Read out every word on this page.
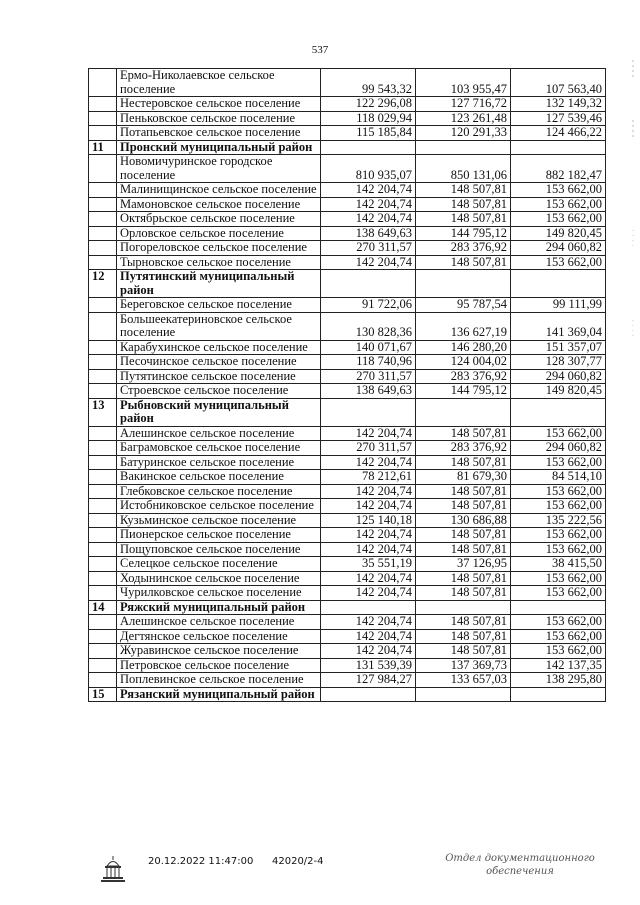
537
	Ермо-Николаевское сельское поселение	99 543,32	103 955,47	107 563,40
	Нестеровское сельское поселение	122 296,08	127 716,72	132 149,32
	Пеньковское сельское поселение	118 029,94	123 261,48	127 539,46
	Потапьевское сельское поселение	115 185,84	120 291,33	124 466,22
11	Пронский муниципальный район			
	Новомичуринское городское поселение	810 935,07	850 131,06	882 182,47
	Малинищинское сельское поселение	142 204,74	148 507,81	153 662,00
	Мамоновское сельское поселение	142 204,74	148 507,81	153 662,00
	Октябрьское сельское поселение	142 204,74	148 507,81	153 662,00
	Орловское сельское поселение	138 649,63	144 795,12	149 820,45
	Погореловское сельское поселение	270 311,57	283 376,92	294 060,82
	Тырновское сельское поселение	142 204,74	148 507,81	153 662,00
12	Путятинский муниципальный район			
	Береговское сельское поселение	91 722,06	95 787,54	99 111,99
	Большеекатериновское сельское поселение	130 828,36	136 627,19	141 369,04
	Карабухинское сельское поселение	140 071,67	146 280,20	151 357,07
	Песочинское сельское поселение	118 740,96	124 004,02	128 307,77
	Путятинское сельское поселение	270 311,57	283 376,92	294 060,82
	Строевское сельское поселение	138 649,63	144 795,12	149 820,45
13	Рыбновский муниципальный район			
	Алешинское сельское поселение	142 204,74	148 507,81	153 662,00
	Баграмовское сельское поселение	270 311,57	283 376,92	294 060,82
	Батуринское сельское поселение	142 204,74	148 507,81	153 662,00
	Вакинское сельское поселение	78 212,61	81 679,30	84 514,10
	Глебковское сельское поселение	142 204,74	148 507,81	153 662,00
	Истобниковское сельское поселение	142 204,74	148 507,81	153 662,00
	Кузьминское сельское поселение	125 140,18	130 686,88	135 222,56
	Пионерское сельское поселение	142 204,74	148 507,81	153 662,00
	Пощуповское сельское поселение	142 204,74	148 507,81	153 662,00
	Селецкое сельское поселение	35 551,19	37 126,95	38 415,50
	Ходынинское сельское поселение	142 204,74	148 507,81	153 662,00
	Чурилковское сельское поселение	142 204,74	148 507,81	153 662,00
14	Ряжский муниципальный район			
	Алешинское сельское поселение	142 204,74	148 507,81	153 662,00
	Дегтянское сельское поселение	142 204,74	148 507,81	153 662,00
	Журавинское сельское поселение	142 204,74	148 507,81	153 662,00
	Петровское сельское поселение	131 539,39	137 369,73	142 137,35
	Поплевинское сельское поселение	127 984,27	133 657,03	138 295,80
15	Рязанский муниципальный район			
20.12.2022 11:47:00 42020/2-4	Отдел документационного
обеспечения
